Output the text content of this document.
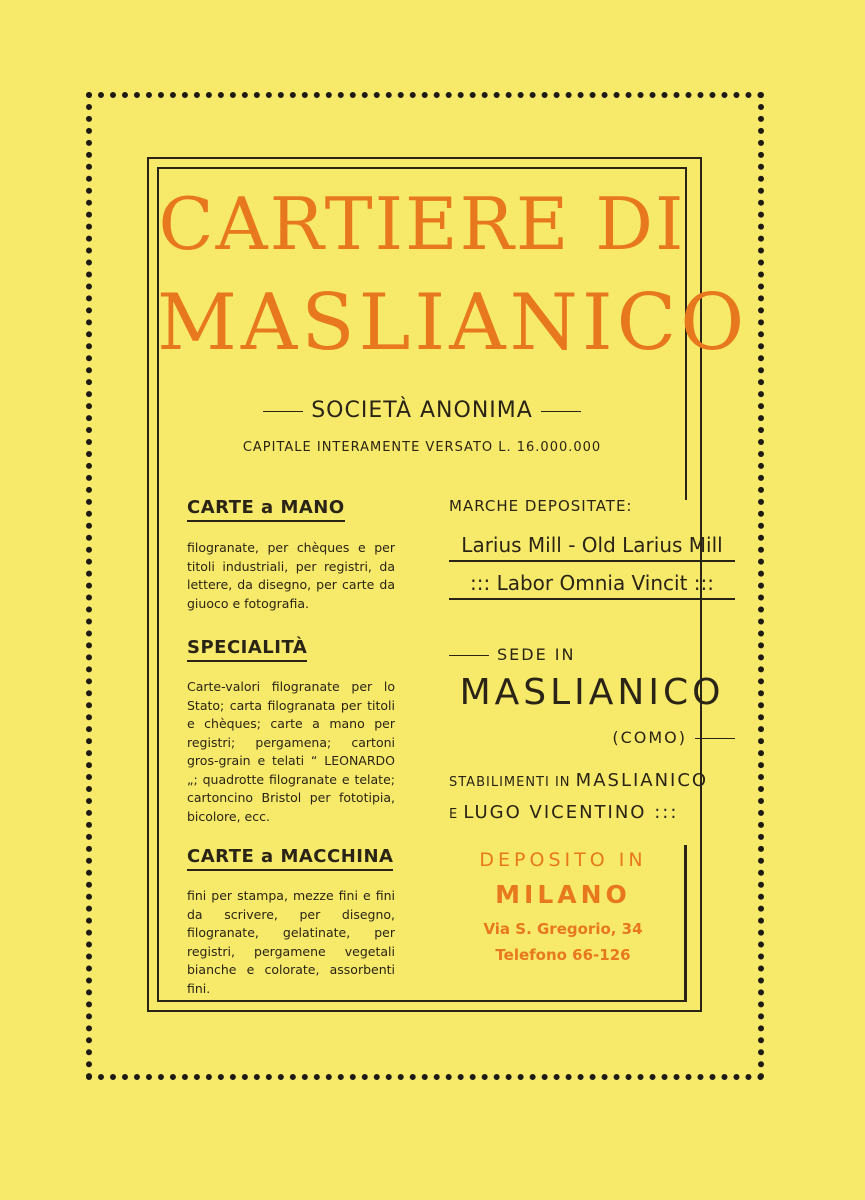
CARTIERE DI
MASLIANICO
SOCIETÀ ANONIMA
CAPITALE INTERAMENTE VERSATO L. 16.000.000
CARTE a MANO
filogranate, per chèques e per titoli industriali, per registri, da lettere, da disegno, per carte da giuoco e fotografia.
SPECIALITÀ
Carte-valori filogranate per lo Stato; carta filogranata per titoli e chèques; carte a mano per registri; pergamena; cartoni gros-grain e telati “ LEONARDO „; quadrotte filogranate e telate; cartoncino Bristol per fototipia, bicolore, ecc.
CARTE a MACCHINA
fini per stampa, mezze fini e fini da scrivere, per disegno, filogranate, gelatinate, per registri, pergamene vegetali bianche e colorate, assorbenti fini.
MARCHE DEPOSITATE:
Larius Mill - Old Larius Mill
::: Labor Omnia Vincit :::
SEDE IN
MASLIANICO
(COMO)
STABILIMENTI IN MASLIANICO
E LUGO VICENTINO :::
DEPOSITO IN
MILANO
Via S. Gregorio, 34
Telefono 66-126
